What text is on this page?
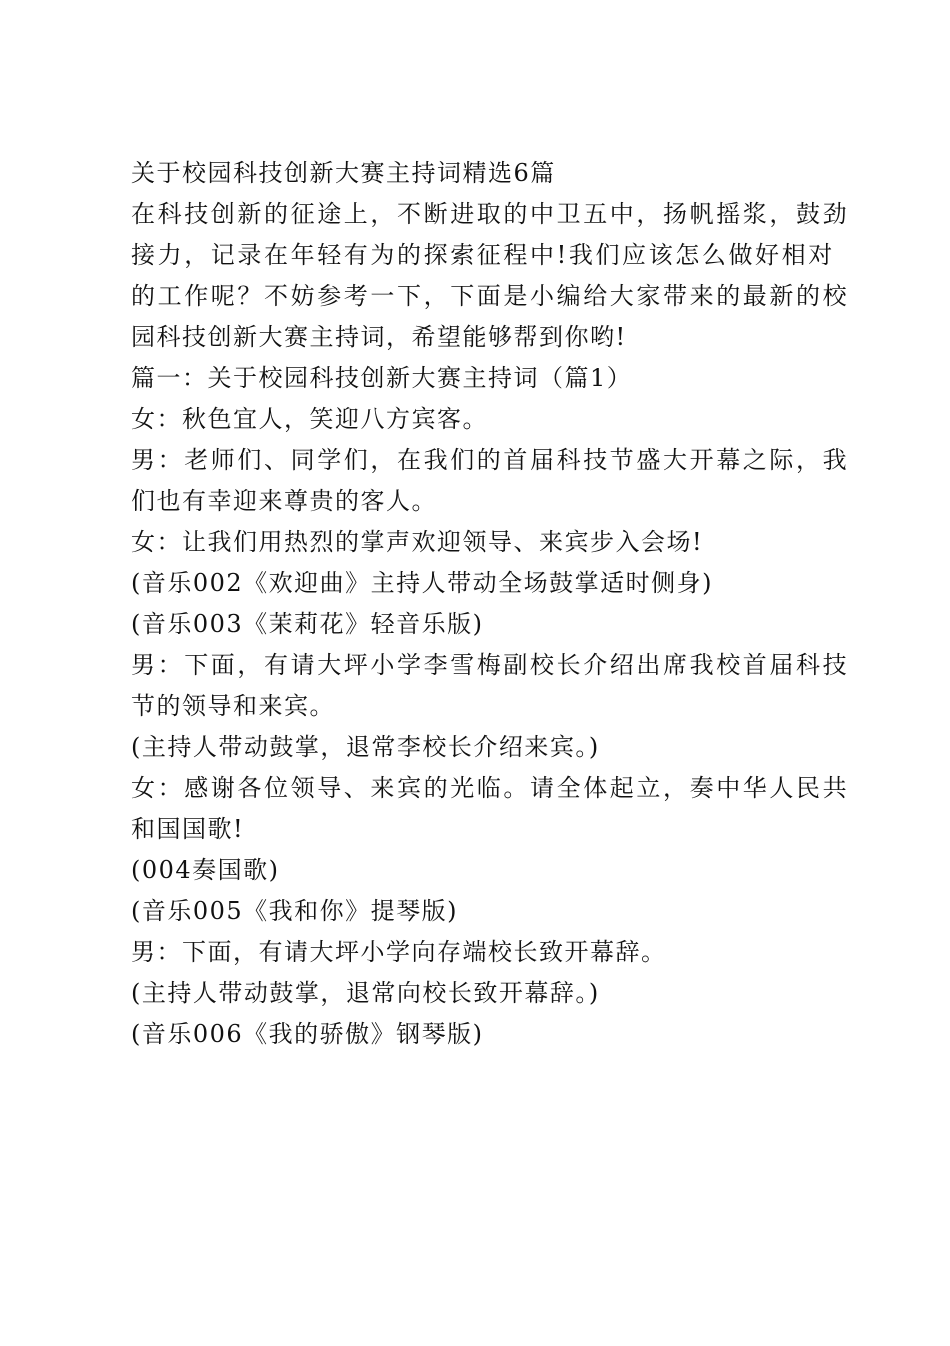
关于校园科技创新大赛主持词精选6篇
在科技创新的征途上，不断进取的中卫五中，扬帆摇浆，鼓劲
接力，记录在年轻有为的探索征程中!我们应该怎么做好相对
的工作呢？不妨参考一下，下面是小编给大家带来的最新的校
园科技创新大赛主持词，希望能够帮到你哟!
篇一：关于校园科技创新大赛主持词（篇1）
女：秋色宜人，笑迎八方宾客。
男：老师们、同学们，在我们的首届科技节盛大开幕之际，我
们也有幸迎来尊贵的客人。
女：让我们用热烈的掌声欢迎领导、来宾步入会场!
(音乐002《欢迎曲》主持人带动全场鼓掌适时侧身)
(音乐003《茉莉花》轻音乐版)
男：下面，有请大坪小学李雪梅副校长介绍出席我校首届科技
节的领导和来宾。
(主持人带动鼓掌，退常李校长介绍来宾。)
女：感谢各位领导、来宾的光临。请全体起立，奏中华人民共
和国国歌!
(004奏国歌)
(音乐005《我和你》提琴版)
男：下面，有请大坪小学向存端校长致开幕辞。
(主持人带动鼓掌，退常向校长致开幕辞。)
(音乐006《我的骄傲》钢琴版)
